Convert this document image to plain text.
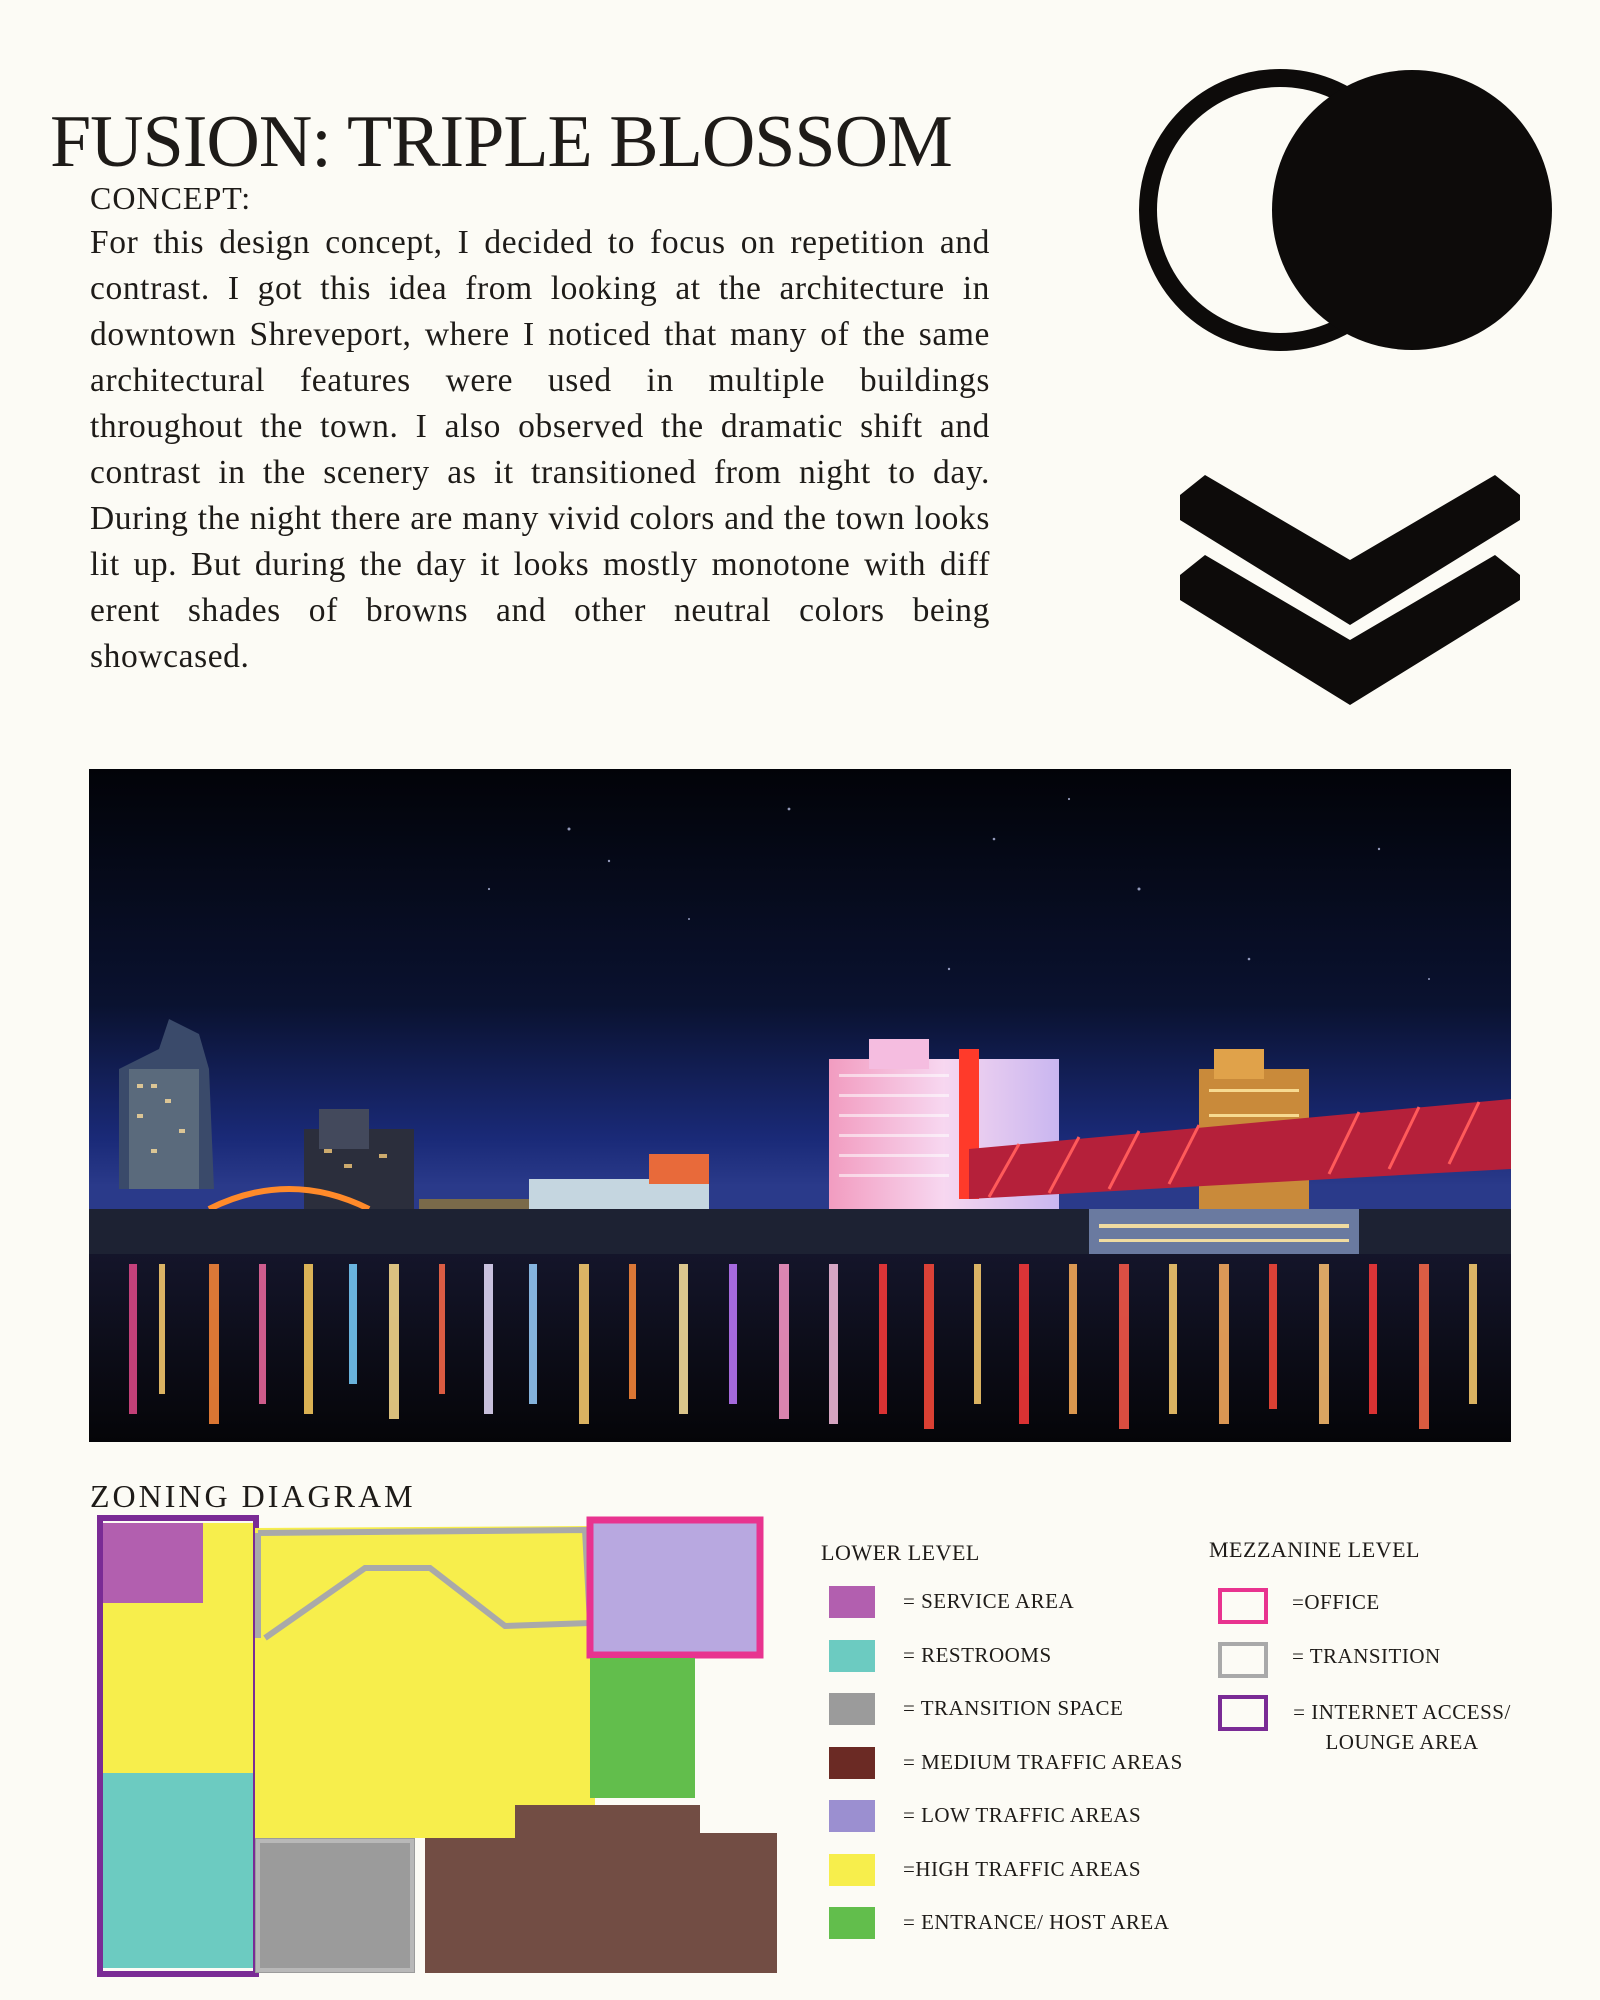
FUSION: TRIPLE BLOSSOM
CONCEPT:

For this design concept, I decided to focus on repetition and contrast. I got this idea from looking at the architecture in downtown Shreveport, where I noticed that many of the same architectural features were used in multiple buildings throughout the town. I also observed the dramatic shift and contrast in the scenery as it transitioned from night to day. During the night there are many vivid colors and the town looks lit up. But during the day it looks mostly monotone with diff erent shades of browns and other neutral colors being showcased.

ZONING DIAGRAM
LOWER LEVEL
= SERVICE AREA
= RESTROOMS
= TRANSITION SPACE
= MEDIUM TRAFFIC AREAS
= LOW TRAFFIC AREAS
=HIGH TRAFFIC AREAS
= ENTRANCE/ HOST AREA
MEZZANINE LEVEL
=OFFICE
= TRANSITION
= INTERNET ACCESS/ LOUNGE AREA
